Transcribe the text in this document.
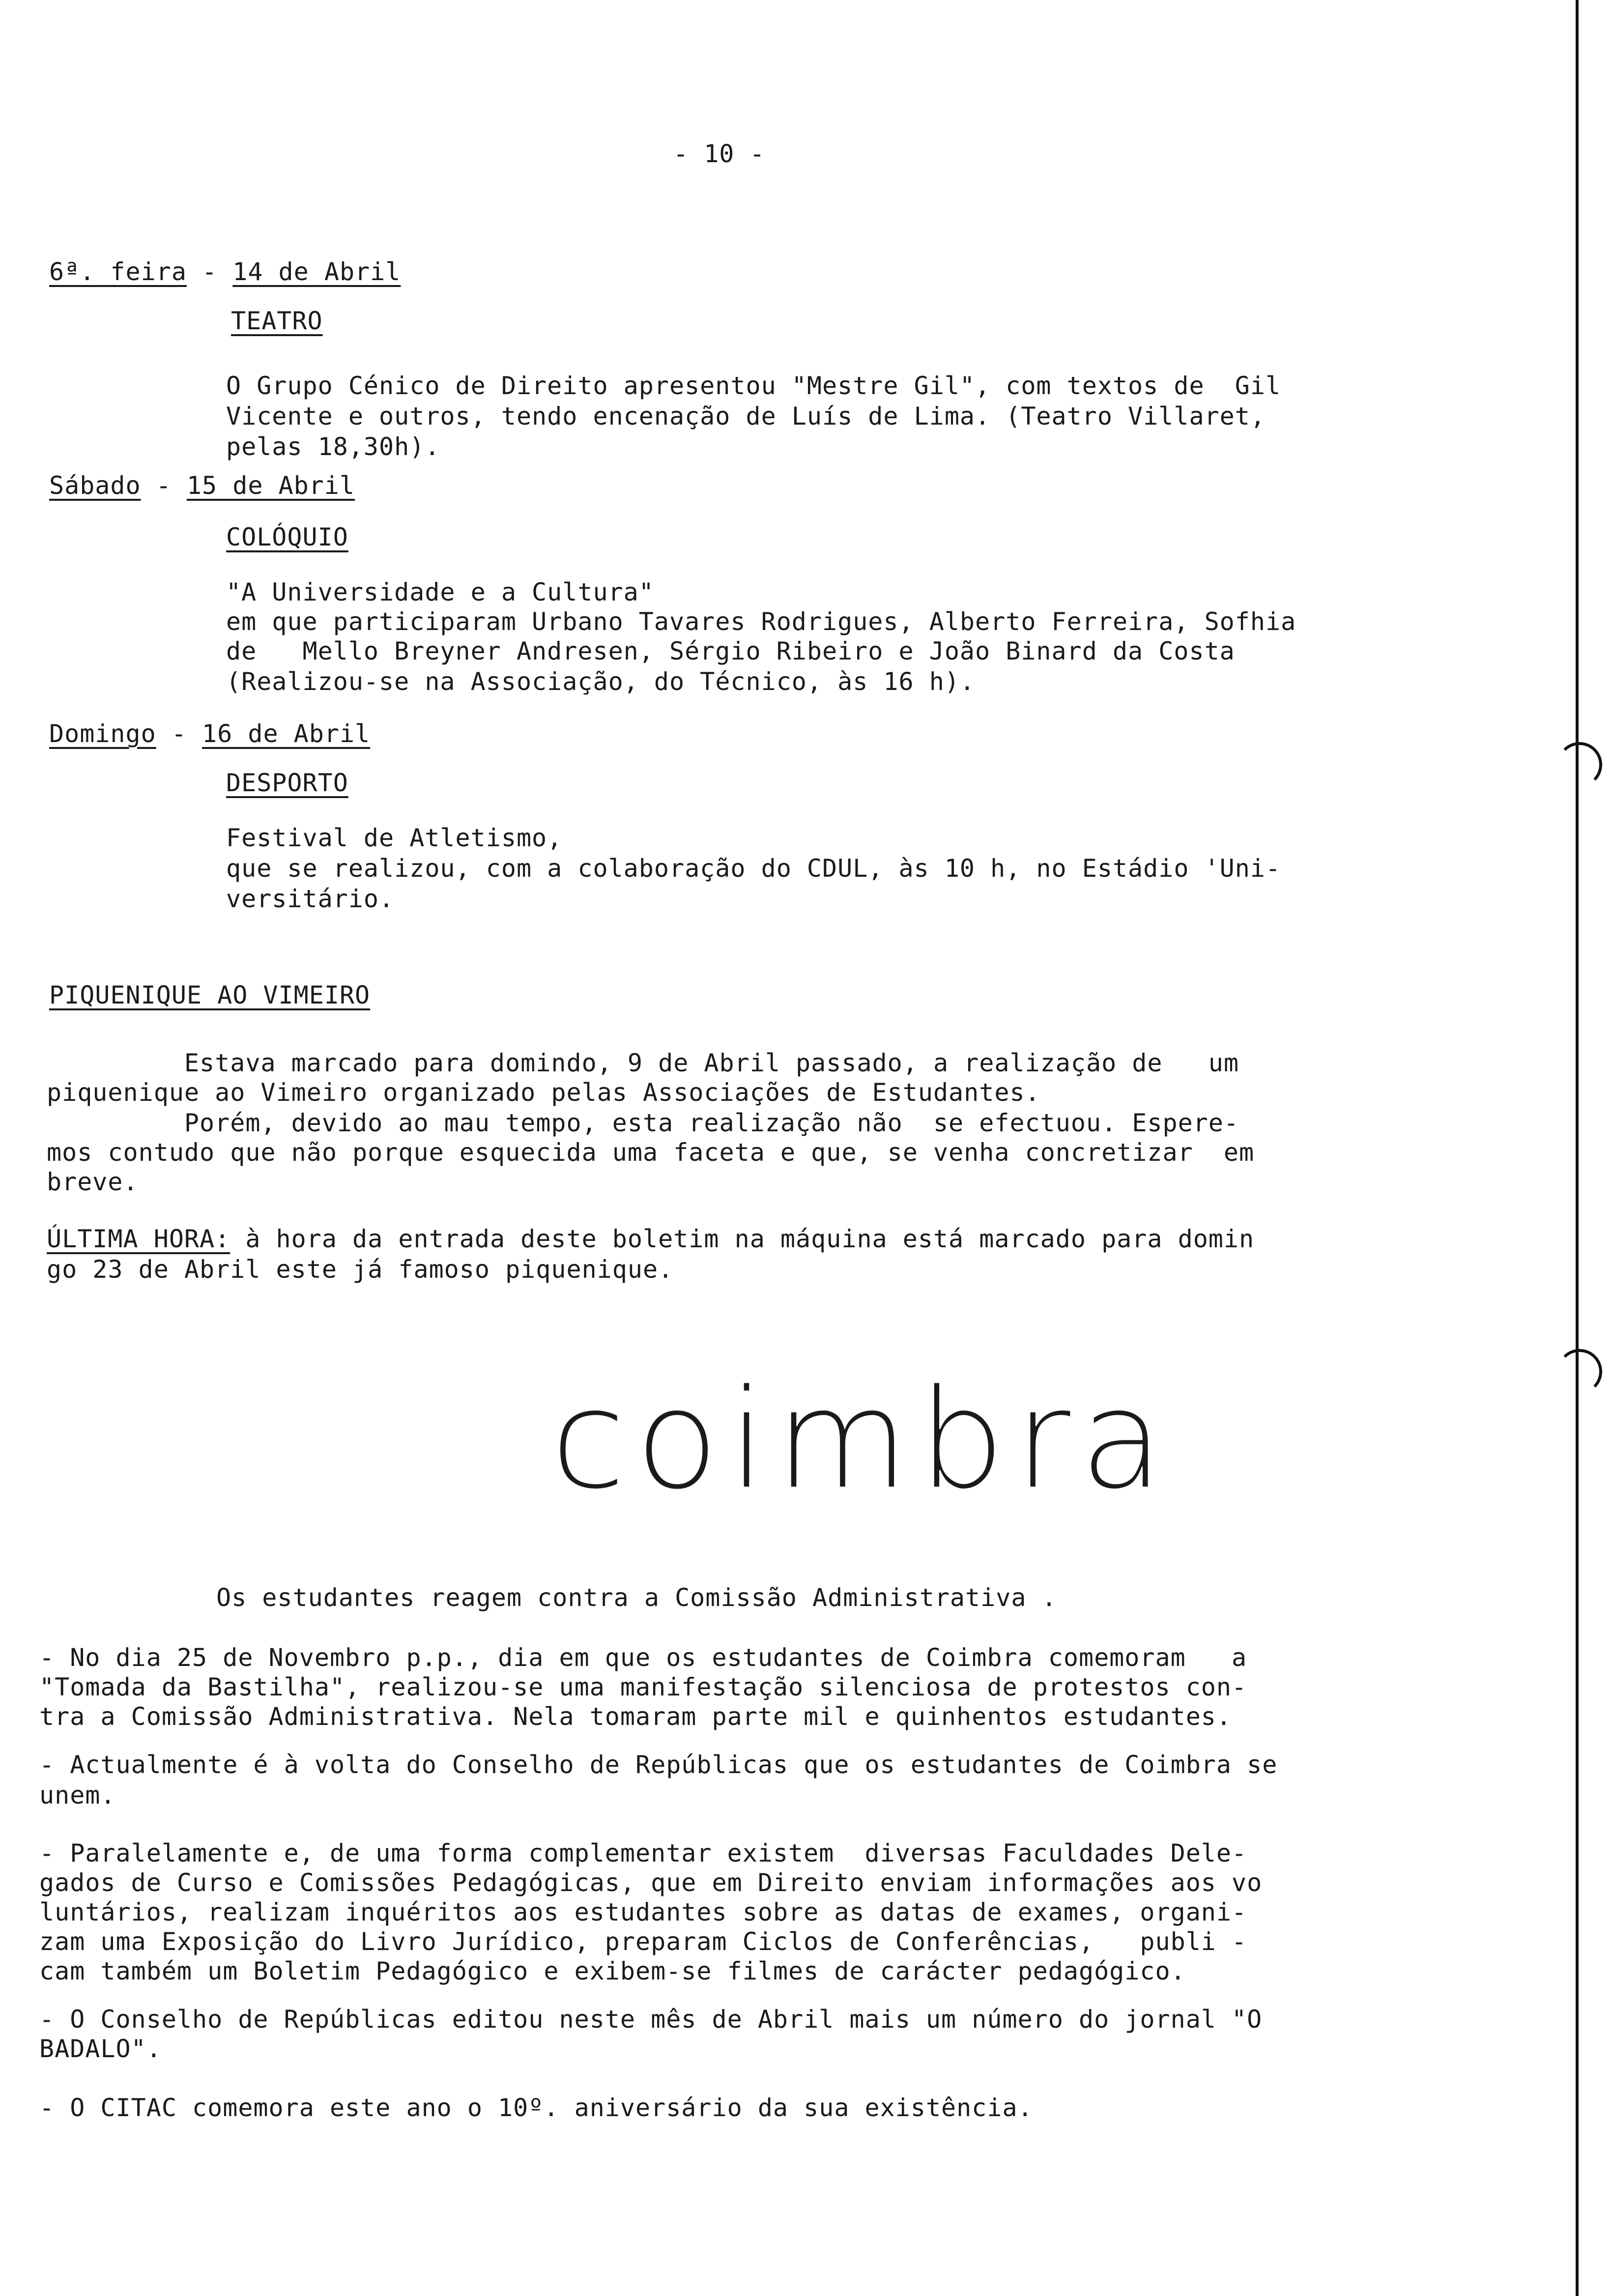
- 10 -
6ª. feira - 14 de Abril
TEATRO
O Grupo Cénico de Direito apresentou "Mestre Gil", com textos de  Gil
Vicente e outros, tendo encenação de Luís de Lima. (Teatro Villaret,
pelas 18,30h).
Sábado - 15 de Abril
COLÓQUIO
"A Universidade e a Cultura"
em que participaram Urbano Tavares Rodrigues, Alberto Ferreira, Sofhia
de   Mello Breyner Andresen, Sérgio Ribeiro e João Binard da Costa
(Realizou-se na Associação, do Técnico, às 16 h).
Domingo - 16 de Abril
DESPORTO
Festival de Atletismo,
que se realizou, com a colaboração do CDUL, às 10 h, no Estádio 'Uni-
versitário.
PIQUENIQUE AO VIMEIRO
Estava marcado para domindo, 9 de Abril passado, a realização de   um
piquenique ao Vimeiro organizado pelas Associações de Estudantes.
Porém, devido ao mau tempo, esta realização não  se efectuou. Espere-
mos contudo que não porque esquecida uma faceta e que, se venha concretizar  em
breve.
ÚLTIMA HORA: à hora da entrada deste boletim na máquina está marcado para domin
go 23 de Abril este já famoso piquenique.
coimbra
Os estudantes reagem contra a Comissão Administrativa .
- No dia 25 de Novembro p.p., dia em que os estudantes de Coimbra comemoram   a
"Tomada da Bastilha", realizou-se uma manifestação silenciosa de protestos con-
tra a Comissão Administrativa. Nela tomaram parte mil e quinhentos estudantes.
- Actualmente é à volta do Conselho de Repúblicas que os estudantes de Coimbra se
unem.
- Paralelamente e, de uma forma complementar existem  diversas Faculdades Dele-
gados de Curso e Comissões Pedagógicas, que em Direito enviam informações aos vo
luntários, realizam inquéritos aos estudantes sobre as datas de exames, organi-
zam uma Exposição do Livro Jurídico, preparam Ciclos de Conferências,   publi -
cam também um Boletim Pedagógico e exibem-se filmes de carácter pedagógico.
- O Conselho de Repúblicas editou neste mês de Abril mais um número do jornal "O
BADALO".
- O CITAC comemora este ano o 10º. aniversário da sua existência.
